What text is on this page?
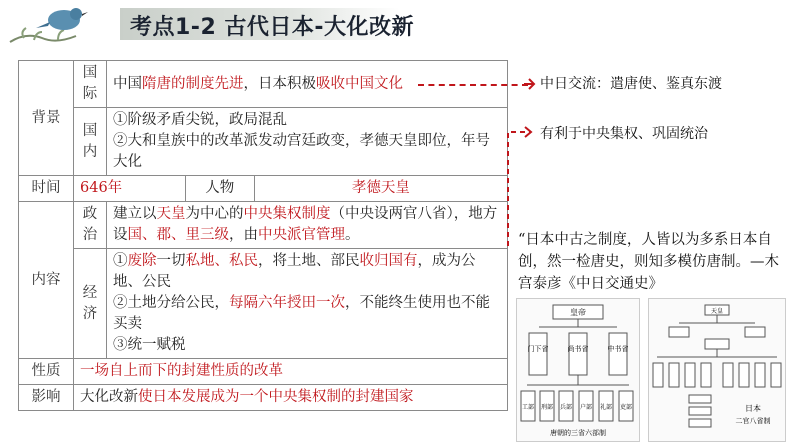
考点1-2 古代日本-大化改新
背景	国际	中国隋唐的制度先进，日本积极吸收中国文化		
	国内	①阶级矛盾尖锐，政局混乱
②大和皇族中的改革派发动宫廷政变，孝德天皇即位，年号大化		

时间	646年		人物	孝德天皇
内容	政治	建立以天皇为中心的中央集权制度（中央设两官八省），地方设国、郡、里三级，由中央派官管理。		
	经济	①废除一切私地、私民，将土地、部民收归国有，成为公地、公民
②土地分给公民，每隔六年授田一次，不能终生使用也不能买卖
③统一赋税		

性质	一场自上而下的封建性质的改革			
影响	大化改新使日本发展成为一个中央集权制的封建国家			
中日交流：遣唐使、鉴真东渡
有利于中央集权、巩固统治
“日本中古之制度，人皆以为多系日本自创，然一检唐史，则知多模仿唐制。—木宫泰彦《中日交通史》
皇帝
门下省	尚书省	中书省
工部 刑部 兵部 户部 礼部 吏部
唐朝的三省六部制
天皇
日本
二官八省制
